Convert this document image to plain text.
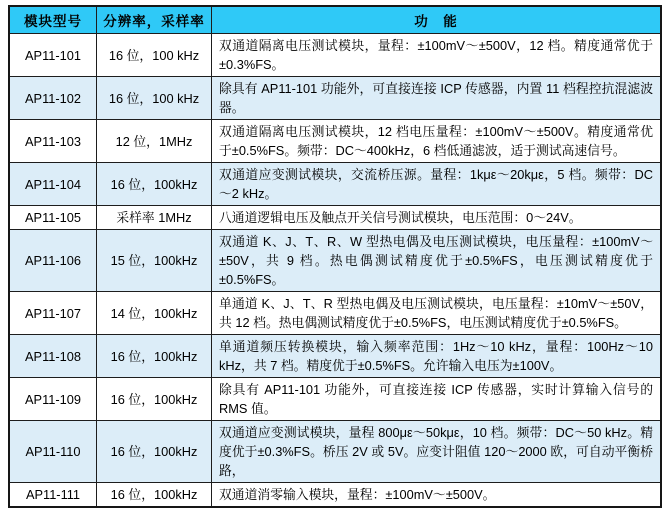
模块型号	分辨率，采样率	功　能
AP11-101	16 位，100 kHz	双通道隔离电压测试模块，量程：±100mV～±500V，12 档。精度通常优于 ±0.3%FS。
AP11-102	16 位，100 kHz	除具有 AP11-101 功能外，可直接连接 ICP 传感器，内置 11 档程控抗混滤波器。
AP11-103	12 位，1MHz	双通道隔离电压测试模块，12 档电压量程：±100mV～±500V。精度通常优于±0.5%FS。频带：DC～400kHz，6 档低通滤波，适于测试高速信号。
AP11-104	16 位，100kHz	双通道应变测试模块，交流桥压源。量程：1kμε～20kμε，5 档。频带：DC～2 kHz。
AP11-105	采样率 1MHz	八通道逻辑电压及触点开关信号测试模块，电压范围：0～24V。
AP11-106	15 位，100kHz	双通道 K、J、T、R、W 型热电偶及电压测试模块，电压量程：±100mV～±50V，共 9 档。热电偶测试精度优于±0.5%FS，电压测试精度优于±0.5%FS。
AP11-107	14 位，100kHz	单通道 K、J、T、R 型热电偶及电压测试模块，电压量程：±10mV～±50V，共 12 档。热电偶测试精度优于±0.5%FS，电压测试精度优于±0.5%FS。
AP11-108	16 位，100kHz	单通道频压转换模块，输入频率范围：1Hz～10 kHz，量程：100Hz～10 kHz，共 7 档。精度优于±0.5%FS。允许输入电压为±100V。
AP11-109	16 位，100kHz	除具有 AP11-101 功能外，可直接连接 ICP 传感器，实时计算输入信号的 RMS 值。
AP11-110	16 位，100kHz	双通道应变测试模块，量程 800με～50kμε，10 档。频带：DC～50 kHz。精度优于±0.3%FS。桥压 2V 或 5V。应变计阻值 120～2000 欧，可自动平衡桥路，
AP11-111	16 位，100kHz	双通道消零输入模块，量程：±100mV～±500V。
